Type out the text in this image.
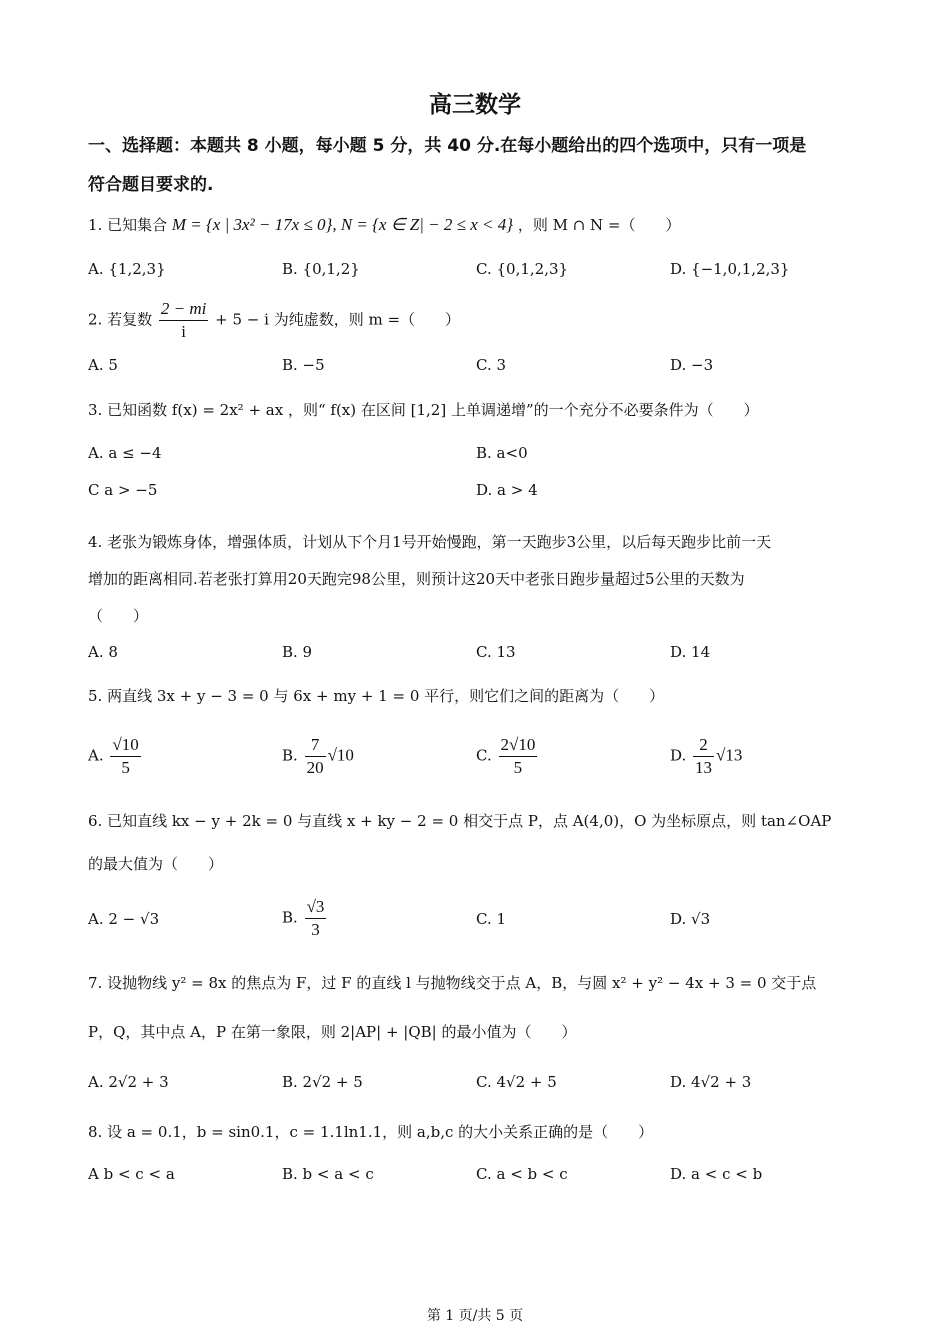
高三数学
一、选择题：本题共 8 小题，每小题 5 分，共 40 分.在每小题给出的四个选项中，只有一项是
符合题目要求的.
1. 已知集合 M = {x | 3x² − 17x ≤ 0}, N = {x ∈ Z| − 2 ≤ x < 4} ，则 M ∩ N =（　　）
A. {1,2,3}	B. {0,1,2}	C. {0,1,2,3}	D. {−1,0,1,2,3}
2. 若复数 $\frac{2 - mi}{i} + 5 - i$ 为纯虚数，则 m =（　　）
A. 5	B. −5	C. 3	D. −3
3. 已知函数 f(x) = 2x² + ax ，则“ f(x) 在区间 [1,2] 上单调递增”的一个充分不必要条件为（　　）
A. a ≤ −4	B. a<0
C a > −5	D. a > 4
4. 老张为锻炼身体，增强体质，计划从下个月1号开始慢跑，第一天跑步3公里，以后每天跑步比前一天
增加的距离相同.若老张打算用20天跑完98公里，则预计这20天中老张日跑步量超过5公里的天数为
（　　）
A. 8	B. 9	C. 13	D. 14
5. 两直线 3x + y − 3 = 0 与 6x + my + 1 = 0 平行，则它们之间的距离为（　　）
A. $\frac{√10}{5}$	B. $\frac{7}{20} √10$	C. $\frac{2√10}{5}$	D. $\frac{2}{13} √13$
6. 已知直线 kx − y + 2k = 0 与直线 x + ky − 2 = 0 相交于点 P，点 A(4,0)，O 为坐标原点，则 tan∠OAP
的最大值为（　　）
A. 2 − √3	B. $\frac{√3}{3}$	C. 1	D. √3
7. 设抛物线 y² = 8x 的焦点为 F，过 F 的直线 l 与抛物线交于点 A，B，与圆 x² + y² − 4x + 3 = 0 交于点
P，Q，其中点 A，P 在第一象限，则 2|AP| + |QB| 的最小值为（　　）
A. 2√2 + 3	B. 2√2 + 5	C. 4√2 + 5	D. 4√2 + 3
8. 设 a = 0.1，b = sin0.1，c = 1.1ln1.1，则 a,b,c 的大小关系正确的是（　　）
A b < c < a	B. b < a < c	C. a < b < c	D. a < c < b
第 1 页/共 5 页
